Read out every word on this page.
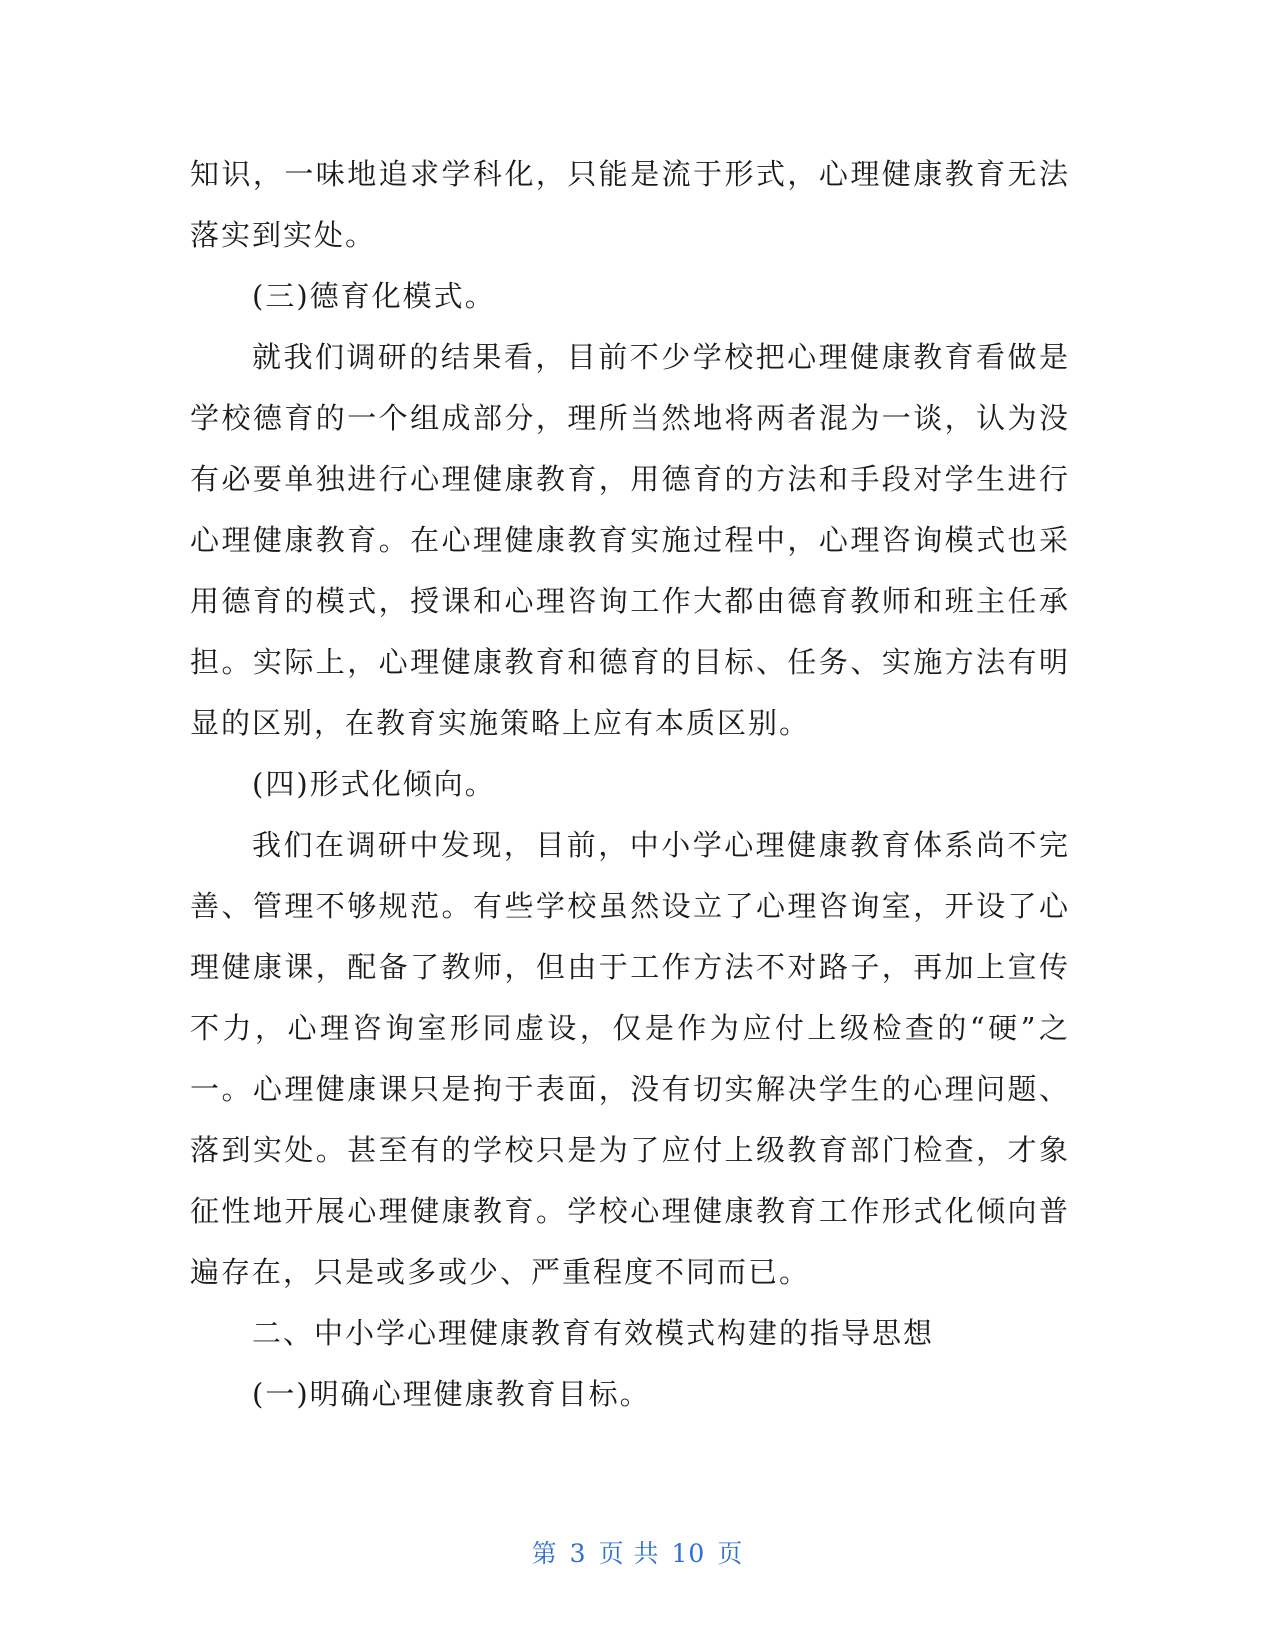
知识，一味地追求学科化，只能是流于形式，心理健康教育无法
落实到实处。
(三)德育化模式。
就我们调研的结果看，目前不少学校把心理健康教育看做是
学校德育的一个组成部分，理所当然地将两者混为一谈，认为没
有必要单独进行心理健康教育，用德育的方法和手段对学生进行
心理健康教育。在心理健康教育实施过程中，心理咨询模式也采
用德育的模式，授课和心理咨询工作大都由德育教师和班主任承
担。实际上，心理健康教育和德育的目标、任务、实施方法有明
显的区别，在教育实施策略上应有本质区别。
(四)形式化倾向。
我们在调研中发现，目前，中小学心理健康教育体系尚不完
善、管理不够规范。有些学校虽然设立了心理咨询室，开设了心
理健康课，配备了教师，但由于工作方法不对路子，再加上宣传
不力，心理咨询室形同虚设，仅是作为应付上级检查的“硬”之
一。心理健康课只是拘于表面，没有切实解决学生的心理问题、
落到实处。甚至有的学校只是为了应付上级教育部门检查，才象
征性地开展心理健康教育。学校心理健康教育工作形式化倾向普
遍存在，只是或多或少、严重程度不同而已。
二、中小学心理健康教育有效模式构建的指导思想
(一)明确心理健康教育目标。
第 3 页 共 10 页
